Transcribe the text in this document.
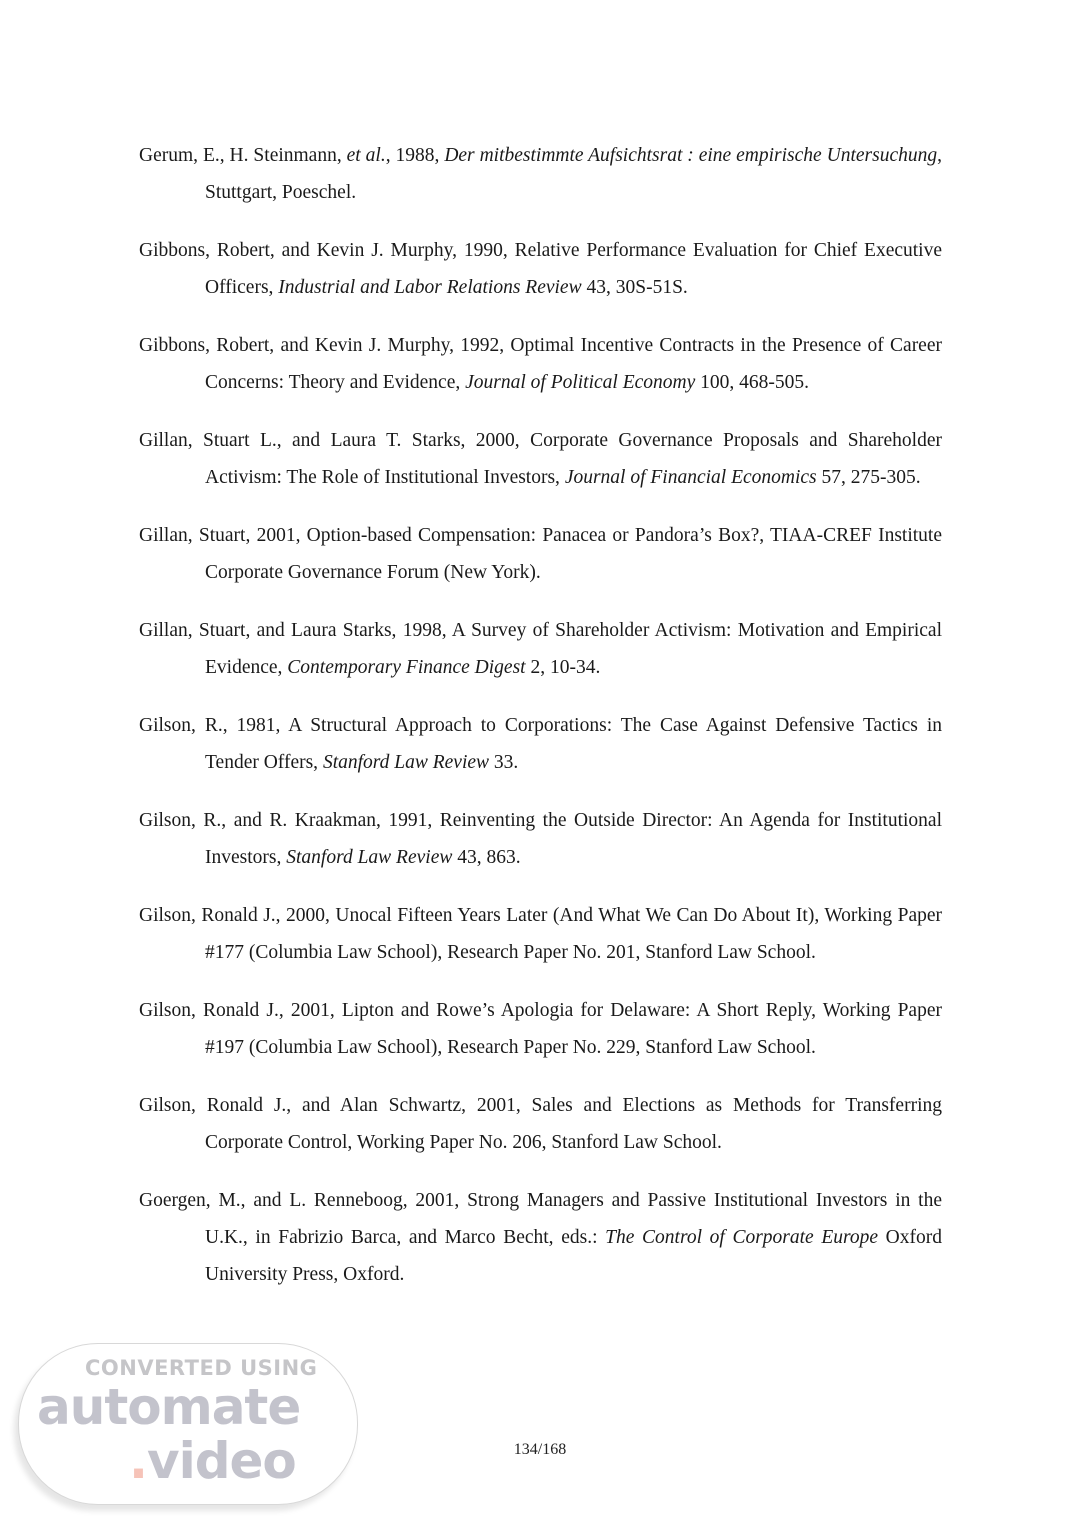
Gerum, E., H. Steinmann, et al., 1988, Der mitbestimmte Aufsichtsrat : eine empirische Untersuchung, Stuttgart, Poeschel.

Gibbons, Robert, and Kevin J. Murphy, 1990, Relative Performance Evaluation for Chief Executive Officers, Industrial and Labor Relations Review 43, 30S-51S.

Gibbons, Robert, and Kevin J. Murphy, 1992, Optimal Incentive Contracts in the Presence of Career Concerns: Theory and Evidence, Journal of Political Economy 100, 468-505.

Gillan, Stuart L., and Laura T. Starks, 2000, Corporate Governance Proposals and Shareholder Activism: The Role of Institutional Investors, Journal of Financial Economics 57, 275-305.

Gillan, Stuart, 2001, Option-based Compensation: Panacea or Pandora’s Box?, TIAA-CREF Institute Corporate Governance Forum (New York).

Gillan, Stuart, and Laura Starks, 1998, A Survey of Shareholder Activism: Motivation and Empirical Evidence, Contemporary Finance Digest 2, 10-34.

Gilson, R., 1981, A Structural Approach to Corporations: The Case Against Defensive Tactics in Tender Offers, Stanford Law Review 33.

Gilson, R., and R. Kraakman, 1991, Reinventing the Outside Director: An Agenda for Institutional Investors, Stanford Law Review 43, 863.

Gilson, Ronald J., 2000, Unocal Fifteen Years Later (And What We Can Do About It), Working Paper #177 (Columbia Law School), Research Paper No. 201, Stanford Law School.

Gilson, Ronald J., 2001, Lipton and Rowe’s Apologia for Delaware: A Short Reply, Working Paper #197 (Columbia Law School), Research Paper No. 229, Stanford Law School.

Gilson, Ronald J., and Alan Schwartz, 2001, Sales and Elections as Methods for Transferring Corporate Control, Working Paper No. 206, Stanford Law School.

Goergen, M., and L. Renneboog, 2001, Strong Managers and Passive Institutional Investors in the U.K., in Fabrizio Barca, and Marco Becht, eds.: The Control of Corporate Europe Oxford University Press, Oxford.

134/168
CONVERTED USING
automate
.video
